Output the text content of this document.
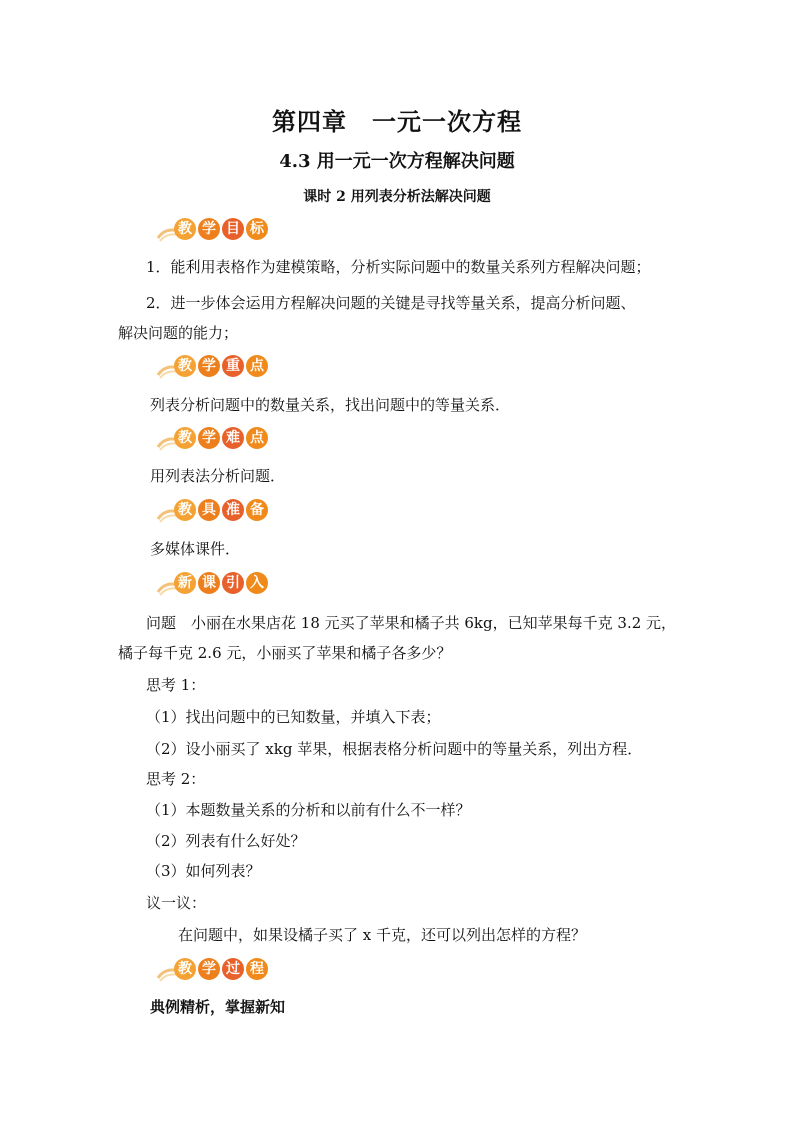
第四章　一元一次方程
4.3 用一元一次方程解决问题
课时 2 用列表分析法解决问题
教 学 目 标
1．能利用表格作为建模策略，分析实际问题中的数量关系列方程解决问题；
2．进一步体会运用方程解决问题的关键是寻找等量关系，提高分析问题、
解决问题的能力；
教 学 重 点
列表分析问题中的数量关系，找出问题中的等量关系．
教 学 难 点
用列表法分析问题．
教 具 准 备
多媒体课件．
新 课 引 入
问题　小丽在水果店花 18 元买了苹果和橘子共 6kg，已知苹果每千克 3.2 元，
橘子每千克 2.6 元，小丽买了苹果和橘子各多少？
思考 1：
（1）找出问题中的已知数量，并填入下表；
（2）设小丽买了 xkg 苹果，根据表格分析问题中的等量关系，列出方程．
思考 2：
（1）本题数量关系的分析和以前有什么不一样？
（2）列表有什么好处？
（3）如何列表？
议一议：
在问题中，如果设橘子买了 x 千克，还可以列出怎样的方程？
教 学 过 程
典例精析，掌握新知
